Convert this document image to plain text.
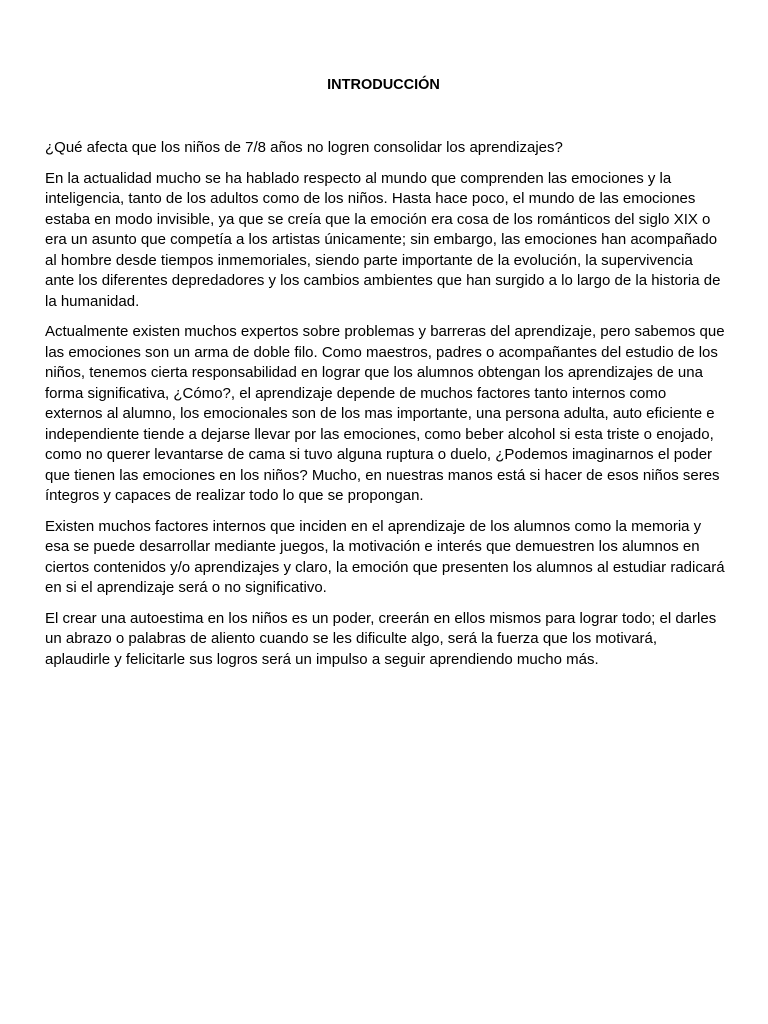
INTRODUCCIÓN

¿Qué afecta que los niños de 7/8 años no logren consolidar los aprendizajes?

En la actualidad mucho se ha hablado respecto al mundo que comprenden las emociones y la inteligencia, tanto de los adultos como de los niños. Hasta hace poco, el mundo de las emociones estaba en modo invisible, ya que se creía que la emoción era cosa de los románticos del siglo XIX o era un asunto que competía a los artistas únicamente; sin embargo, las emociones han acompañado al hombre desde tiempos inmemoriales, siendo parte importante de la evolución, la supervivencia ante los diferentes depredadores y los cambios ambientes que han surgido a lo largo de la historia de la humanidad.

Actualmente existen muchos expertos sobre problemas y barreras del aprendizaje, pero sabemos que las emociones son un arma de doble filo. Como maestros, padres o acompañantes del estudio de los niños, tenemos cierta responsabilidad en lograr que los alumnos obtengan los aprendizajes de una forma significativa, ¿Cómo?, el aprendizaje depende de muchos factores tanto internos como externos al alumno, los emocionales son de los mas importante, una persona adulta, auto eficiente e independiente tiende a dejarse llevar por las emociones, como beber alcohol si esta triste o enojado, como no querer levantarse de cama si tuvo alguna ruptura o duelo, ¿Podemos imaginarnos el poder que tienen las emociones en los niños? Mucho, en nuestras manos está si hacer de esos niños seres íntegros y capaces de realizar todo lo que se propongan.

Existen muchos factores internos que inciden en el aprendizaje de los alumnos como la memoria y esa se puede desarrollar mediante juegos, la motivación e interés que demuestren los alumnos en ciertos contenidos y/o aprendizajes y claro, la emoción que presenten los alumnos al estudiar radicará en si el aprendizaje será o no significativo.

El crear una autoestima en los niños es un poder, creerán en ellos mismos para lograr todo; el darles un abrazo o palabras de aliento cuando se les dificulte algo, será la fuerza que los motivará, aplaudirle y felicitarle sus logros será un impulso a seguir aprendiendo mucho más.
